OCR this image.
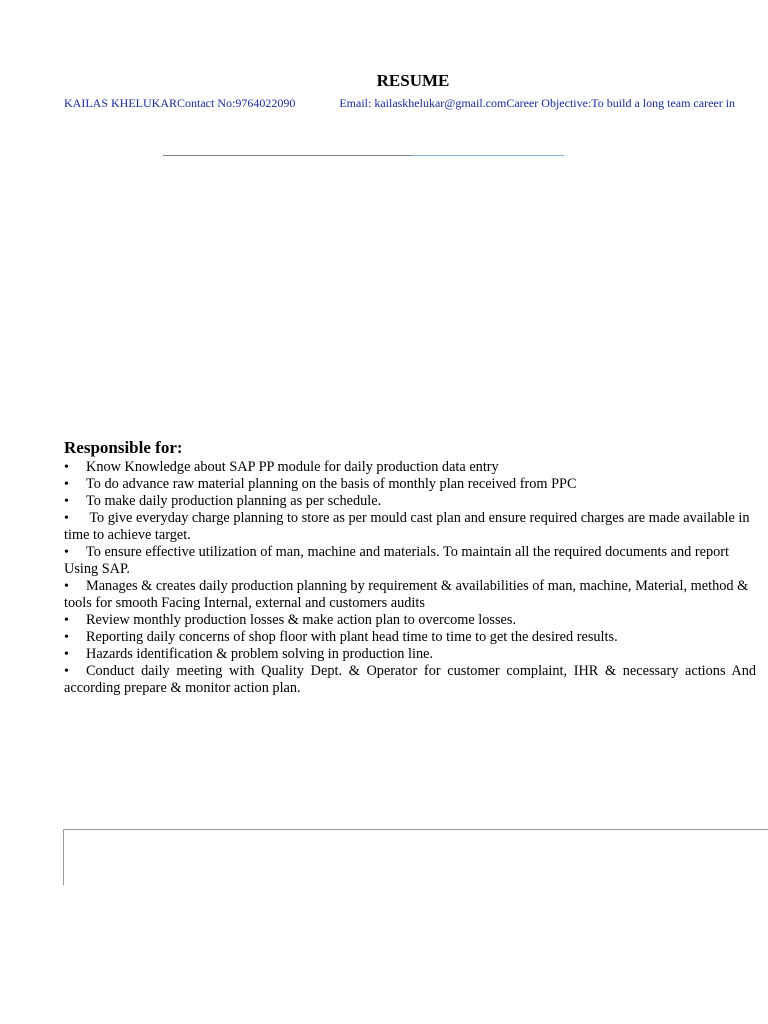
RESUME
KAILAS KHELUKARContact No:9764022090	Email: kailaskhelukar@gmail.comCareer Objective:To build a long team career in

Responsible for:

• Know Knowledge about SAP PP module for daily production data entry
• To do advance raw material planning on the basis of monthly plan received from PPC
• To make daily production planning as per schedule.
• To give everyday charge planning to store as per mould cast plan and ensure required charges are made available in time to achieve target.
• To ensure effective utilization of man, machine and materials. To maintain all the required documents and report Using SAP.
• Manages & creates daily production planning by requirement & availabilities of man, machine, Material, method & tools for smooth Facing Internal, external and customers audits
• Review monthly production losses & make action plan to overcome losses.
• Reporting daily concerns of shop floor with plant head time to time to get the desired results.
• Hazards identification & problem solving in production line.
• Conduct daily meeting with Quality Dept. & Operator for customer complaint, IHR & necessary actions And according prepare & monitor action plan.
